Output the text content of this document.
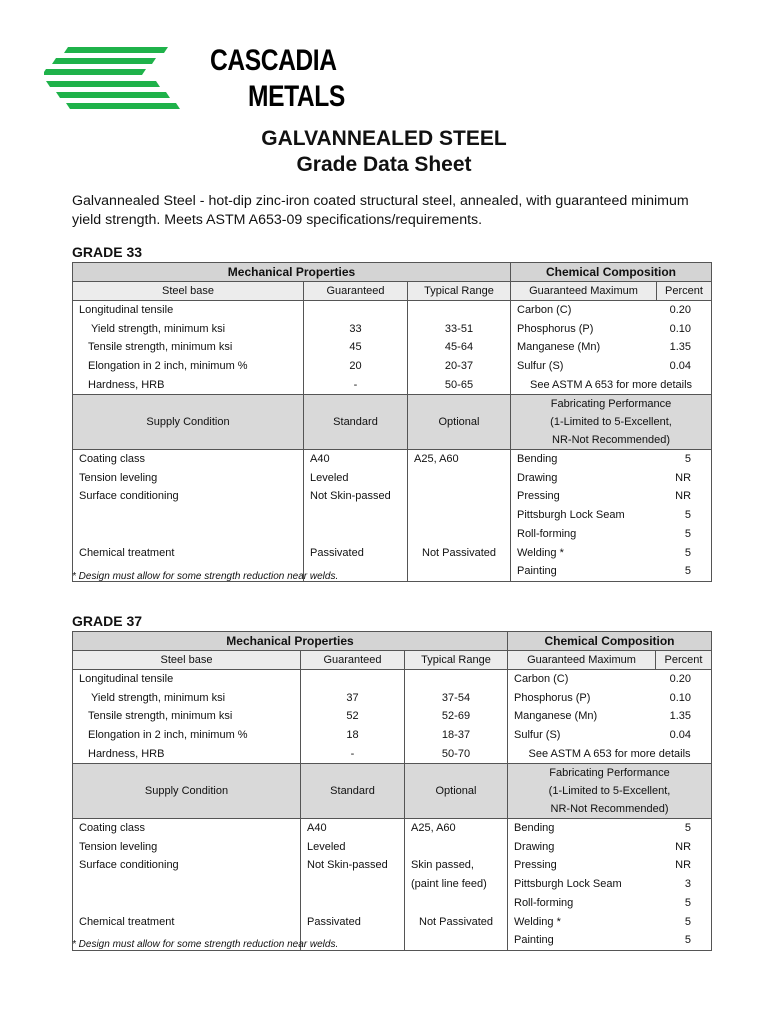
CASCADIA
METALS
GALVANNEALED STEEL
Grade Data Sheet
Galvannealed Steel - hot-dip zinc-iron coated structural steel, annealed, with guaranteed minimum yield strength. Meets ASTM A653-09 specifications/requirements.
GRADE 33
Mechanical Properties			Chemical Composition	
Steel base	Guaranteed	Typical Range	Guaranteed Maximum	Percent
Longitudinal tensile			Carbon (C)	0.20
Yield strength, minimum ksi	33	33-51	Phosphorus (P)	0.10
Tensile strength, minimum ksi	45	45-64	Manganese (Mn)	1.35
Elongation in 2 inch, minimum %	20	20-37	Sulfur (S)	0.04
Hardness, HRB	-	50-65	See ASTM A 653 for more details	
Supply Condition	Standard	Optional	Fabricating Performance
(1-Limited to 5-Excellent,
NR-Not Recommended)	

Coating class	A40	A25, A60	Bending	5
Tension leveling	Leveled		Drawing	NR
Surface conditioning	Not Skin-passed		Pressing	NR
			Pittsburgh Lock Seam	5
			Roll-forming	5
Chemical treatment	Passivated	Not Passivated	Welding *	5
			Painting	5
* Design must allow for some strength reduction near welds.
GRADE 37
Mechanical Properties			Chemical Composition	
Steel base	Guaranteed	Typical Range	Guaranteed Maximum	Percent
Longitudinal tensile			Carbon (C)	0.20
Yield strength, minimum ksi	37	37-54	Phosphorus (P)	0.10
Tensile strength, minimum ksi	52	52-69	Manganese (Mn)	1.35
Elongation in 2 inch, minimum %	18	18-37	Sulfur (S)	0.04
Hardness, HRB	-	50-70	See ASTM A 653 for more details	
Supply Condition	Standard	Optional	Fabricating Performance
(1-Limited to 5-Excellent,
NR-Not Recommended)	

Coating class	A40	A25, A60	Bending	5
Tension leveling	Leveled		Drawing	NR
Surface conditioning	Not Skin-passed	Skin passed,	Pressing	NR
		(paint line feed)	Pittsburgh Lock Seam	3
			Roll-forming	5
Chemical treatment	Passivated	Not Passivated	Welding *	5
			Painting	5
* Design must allow for some strength reduction near welds.
